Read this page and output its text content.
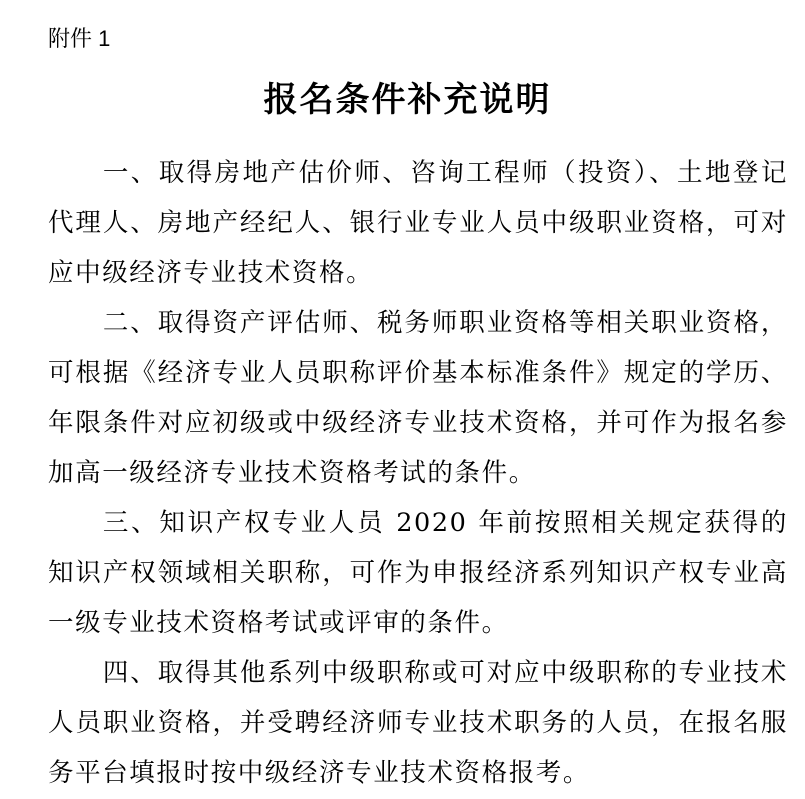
附件 1
报名条件补充说明

一、取得房地产估价师、咨询工程师（投资）、土地登记代理人、房地产经纪人、银行业专业人员中级职业资格，可对应中级经济专业技术资格。

二、取得资产评估师、税务师职业资格等相关职业资格，可根据《经济专业人员职称评价基本标准条件》规定的学历、年限条件对应初级或中级经济专业技术资格，并可作为报名参加高一级经济专业技术资格考试的条件。

三、知识产权专业人员 2020 年前按照相关规定获得的知识产权领域相关职称，可作为申报经济系列知识产权专业高一级专业技术资格考试或评审的条件。

四、取得其他系列中级职称或可对应中级职称的专业技术人员职业资格，并受聘经济师专业技术职务的人员，在报名服务平台填报时按中级经济专业技术资格报考。
